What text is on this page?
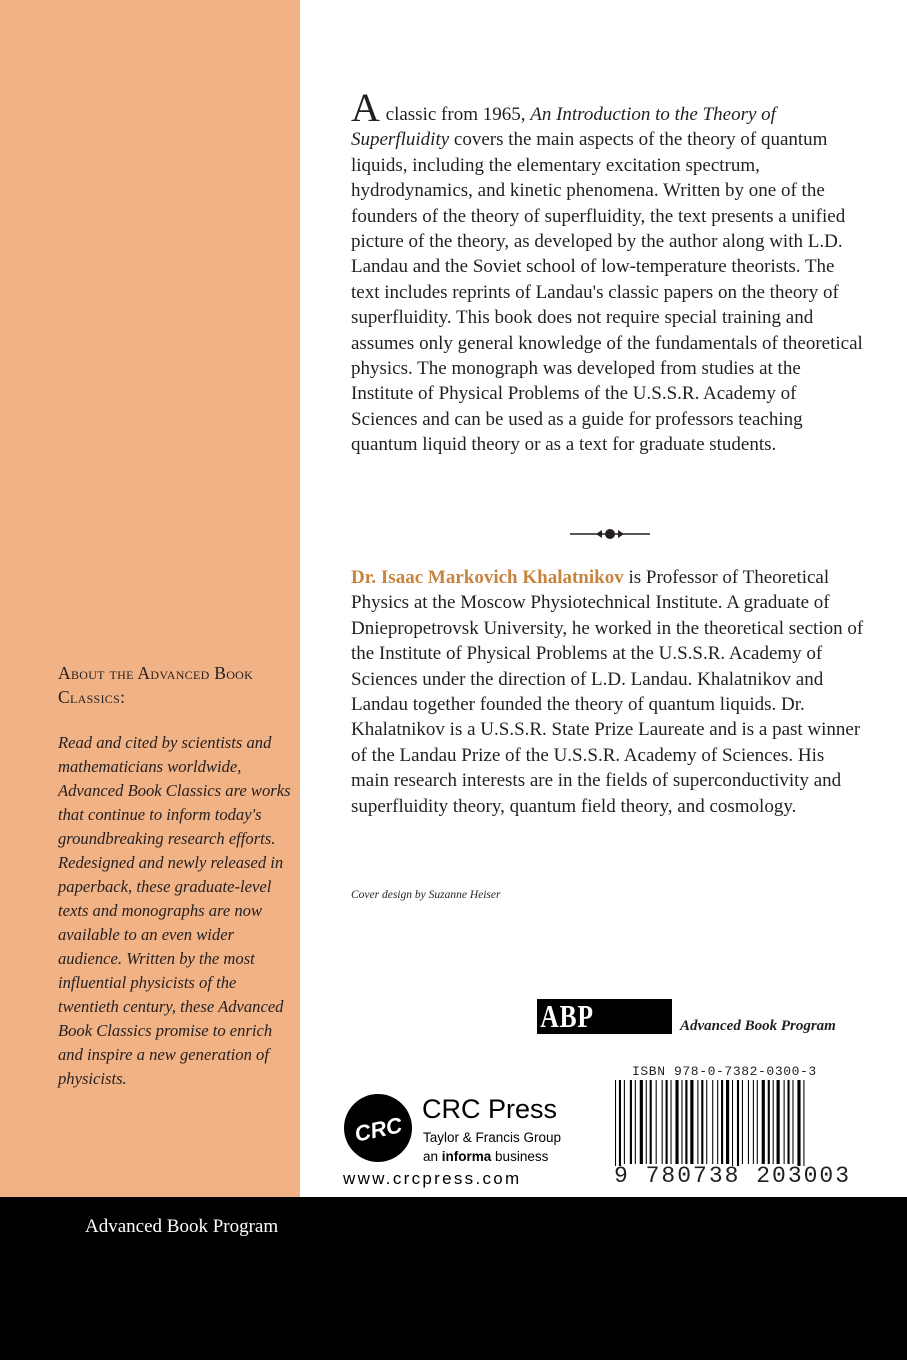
About the Advanced Book Classics:

Read and cited by scientists and mathematicians worldwide, Advanced Book Classics are works that continue to inform today's groundbreaking research efforts. Redesigned and newly released in paperback, these graduate-level texts and monographs are now available to an even wider audience. Written by the most influential physicists of the twentieth century, these Advanced Book Classics promise to enrich and inspire a new generation of physicists.

Advanced Book Program

A classic from 1965, An Introduction to the Theory of Superfluidity covers the main aspects of the theory of quantum liquids, including the elementary excitation spectrum, hydrodynamics, and kinetic phenomena. Written by one of the founders of the theory of superfluidity, the text presents a unified picture of the theory, as developed by the author along with L.D. Landau and the Soviet school of low-temperature theorists. The text includes reprints of Landau's classic papers on the theory of superfluidity. This book does not require special training and assumes only general knowledge of the fundamentals of theoretical physics. The monograph was developed from studies at the Institute of Physical Problems of the U.S.S.R. Academy of Sciences and can be used as a guide for professors teaching quantum liquid theory or as a text for graduate students.

Dr. Isaac Markovich Khalatnikov is Professor of Theoretical Physics at the Moscow Physiotechnical Institute. A graduate of Dniepropetrovsk University, he worked in the theoretical section of the Institute of Physical Problems at the U.S.S.R. Academy of Sciences under the direction of L.D. Landau. Khalatnikov and Landau together founded the theory of quantum liquids. Dr. Khalatnikov is a U.S.S.R. State Prize Laureate and is a past winner of the Landau Prize of the U.S.S.R. Academy of Sciences. His main research interests are in the fields of superconductivity and superfluidity theory, quantum field theory, and cosmology.

Cover design by Suzanne Heiser
ABP	Advanced Book Program
CRC
CRC Press
Taylor & Francis Group
an informa business
www.crcpress.com
ISBN 978-0-7382-0300-3
9 780738 203003
